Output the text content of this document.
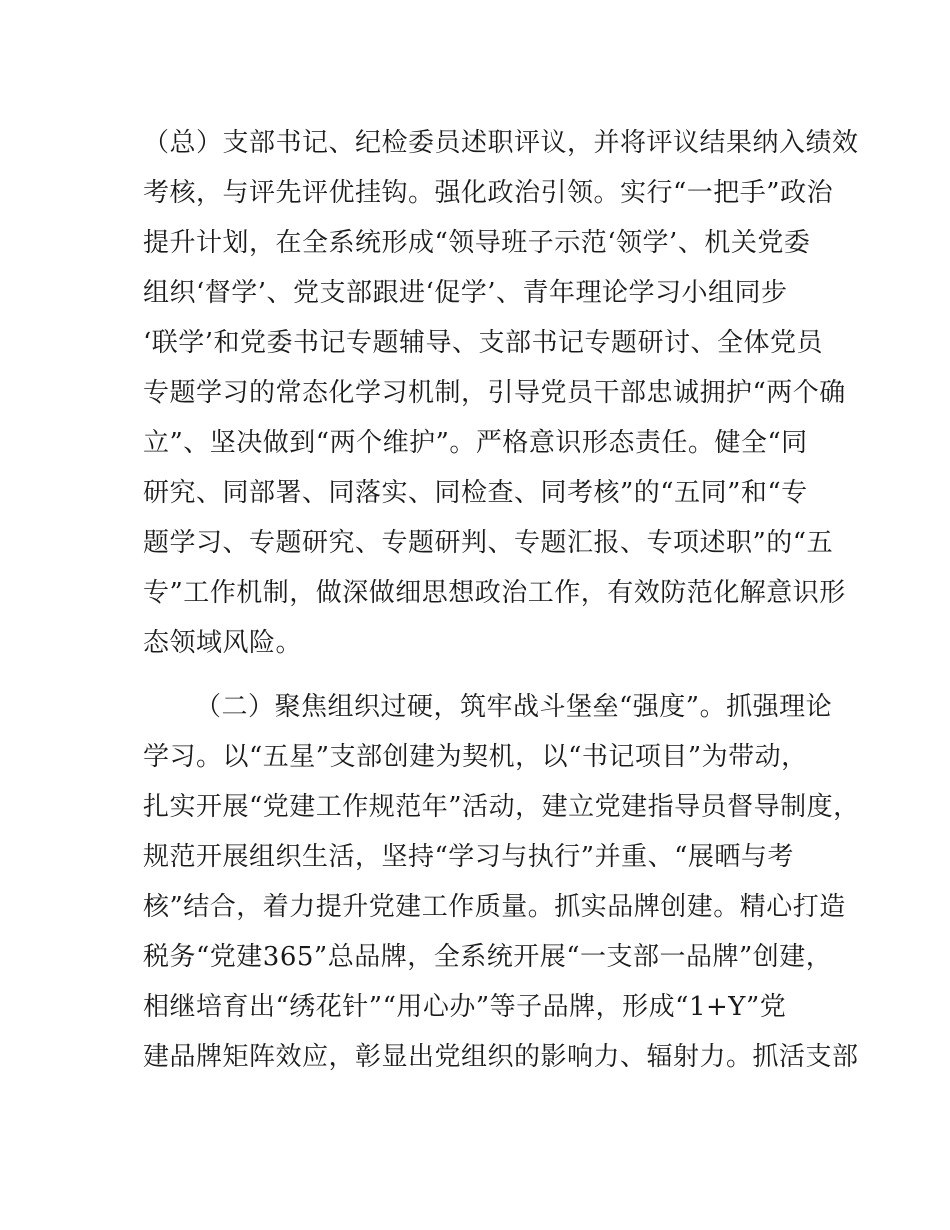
（总）支部书记、纪检委员述职评议，并将评议结果纳入绩效
考核，与评先评优挂钩。强化政治引领。实行“一把手”政治
提升计划，在全系统形成“领导班子示范‘领学’、机关党委
组织‘督学’、党支部跟进‘促学’、青年理论学习小组同步
‘联学’和党委书记专题辅导、支部书记专题研讨、全体党员
专题学习的常态化学习机制，引导党员干部忠诚拥护“两个确
立”、坚决做到“两个维护”。严格意识形态责任。健全“同
研究、同部署、同落实、同检查、同考核”的“五同”和“专
题学习、专题研究、专题研判、专题汇报、专项述职”的“五
专”工作机制，做深做细思想政治工作，有效防范化解意识形
态领域风险。
（二）聚焦组织过硬，筑牢战斗堡垒“强度”。抓强理论
学习。以“五星”支部创建为契机，以“书记项目”为带动，
扎实开展“党建工作规范年”活动，建立党建指导员督导制度，
规范开展组织生活，坚持“学习与执行”并重、“展晒与考
核”结合，着力提升党建工作质量。抓实品牌创建。精心打造
税务“党建365”总品牌，全系统开展“一支部一品牌”创建，
相继培育出“绣花针”“用心办”等子品牌，形成“1+Y”党
建品牌矩阵效应，彰显出党组织的影响力、辐射力。抓活支部
